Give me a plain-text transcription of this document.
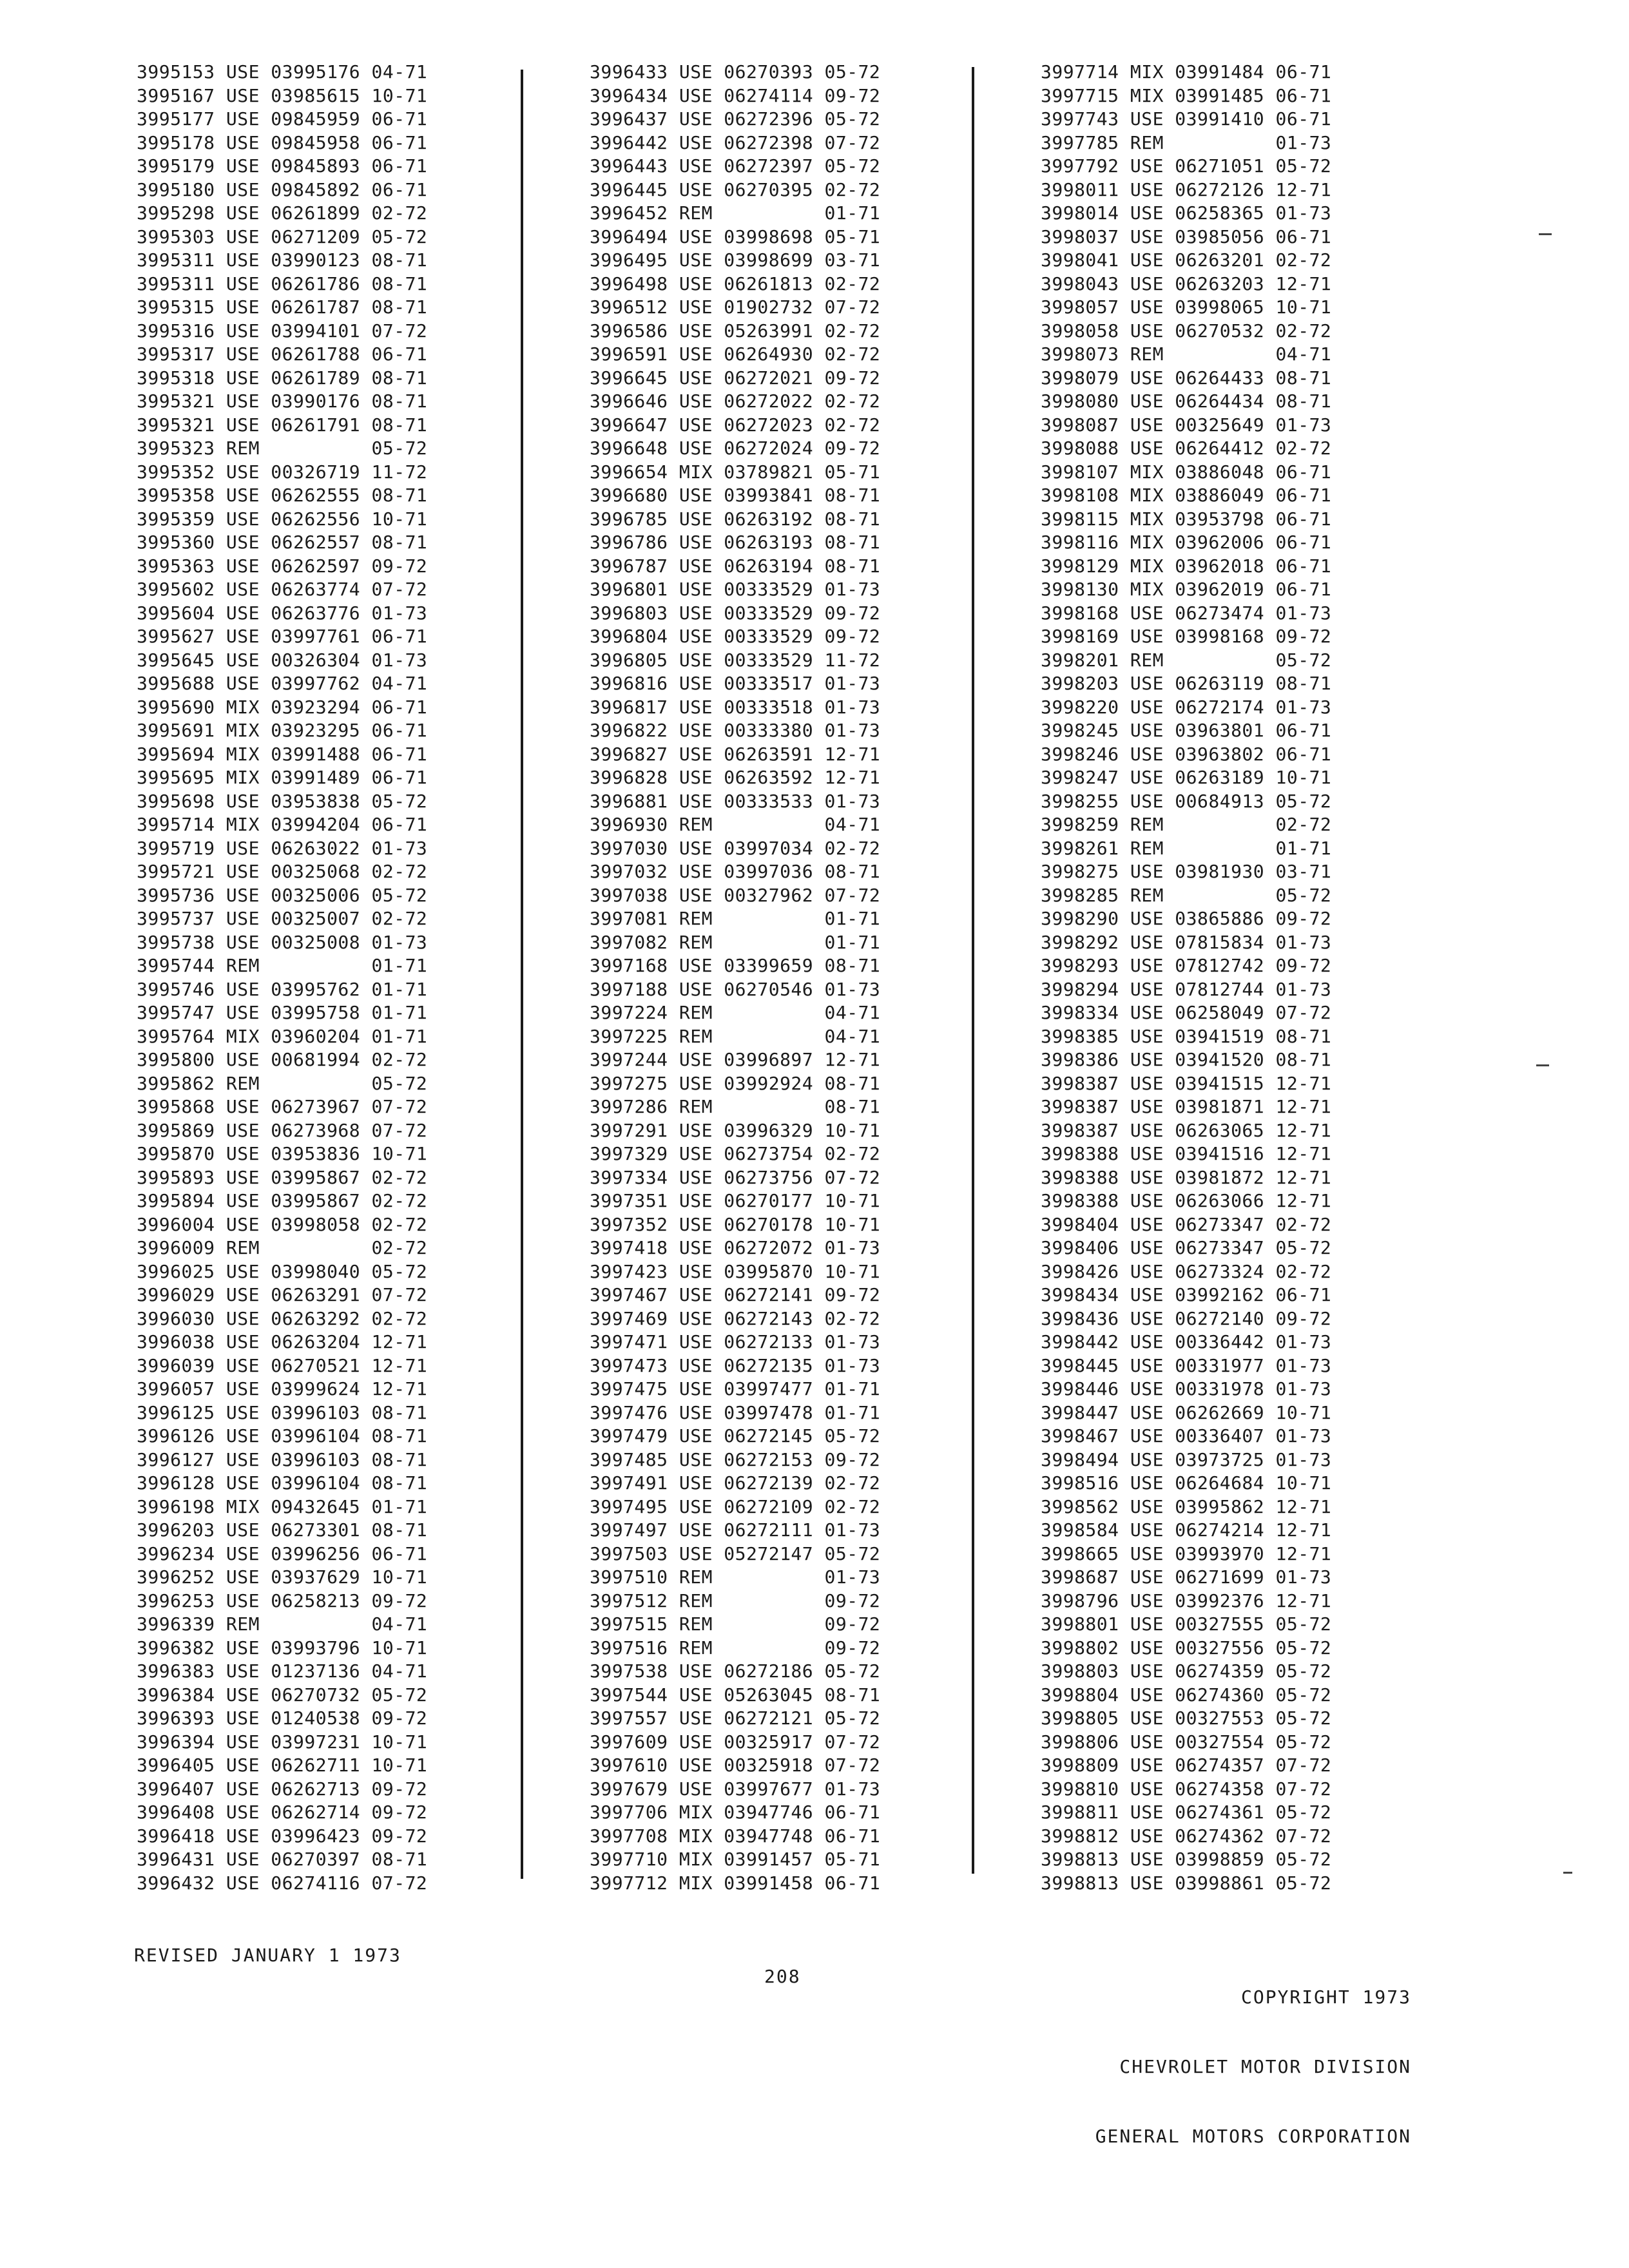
3995153 USE 03995176 04-71
3995167 USE 03985615 10-71
3995177 USE 09845959 06-71
3995178 USE 09845958 06-71
3995179 USE 09845893 06-71
3995180 USE 09845892 06-71
3995298 USE 06261899 02-72
3995303 USE 06271209 05-72
3995311 USE 03990123 08-71
3995311 USE 06261786 08-71
3995315 USE 06261787 08-71
3995316 USE 03994101 07-72
3995317 USE 06261788 06-71
3995318 USE 06261789 08-71
3995321 USE 03990176 08-71
3995321 USE 06261791 08-71
3995323 REM          05-72
3995352 USE 00326719 11-72
3995358 USE 06262555 08-71
3995359 USE 06262556 10-71
3995360 USE 06262557 08-71
3995363 USE 06262597 09-72
3995602 USE 06263774 07-72
3995604 USE 06263776 01-73
3995627 USE 03997761 06-71
3995645 USE 00326304 01-73
3995688 USE 03997762 04-71
3995690 MIX 03923294 06-71
3995691 MIX 03923295 06-71
3995694 MIX 03991488 06-71
3995695 MIX 03991489 06-71
3995698 USE 03953838 05-72
3995714 MIX 03994204 06-71
3995719 USE 06263022 01-73
3995721 USE 00325068 02-72
3995736 USE 00325006 05-72
3995737 USE 00325007 02-72
3995738 USE 00325008 01-73
3995744 REM          01-71
3995746 USE 03995762 01-71
3995747 USE 03995758 01-71
3995764 MIX 03960204 01-71
3995800 USE 00681994 02-72
3995862 REM          05-72
3995868 USE 06273967 07-72
3995869 USE 06273968 07-72
3995870 USE 03953836 10-71
3995893 USE 03995867 02-72
3995894 USE 03995867 02-72
3996004 USE 03998058 02-72
3996009 REM          02-72
3996025 USE 03998040 05-72
3996029 USE 06263291 07-72
3996030 USE 06263292 02-72
3996038 USE 06263204 12-71
3996039 USE 06270521 12-71
3996057 USE 03999624 12-71
3996125 USE 03996103 08-71
3996126 USE 03996104 08-71
3996127 USE 03996103 08-71
3996128 USE 03996104 08-71
3996198 MIX 09432645 01-71
3996203 USE 06273301 08-71
3996234 USE 03996256 06-71
3996252 USE 03937629 10-71
3996253 USE 06258213 09-72
3996339 REM          04-71
3996382 USE 03993796 10-71
3996383 USE 01237136 04-71
3996384 USE 06270732 05-72
3996393 USE 01240538 09-72
3996394 USE 03997231 10-71
3996405 USE 06262711 10-71
3996407 USE 06262713 09-72
3996408 USE 06262714 09-72
3996418 USE 03996423 09-72
3996431 USE 06270397 08-71
3996432 USE 06274116 07-72
3996433 USE 06270393 05-72
3996434 USE 06274114 09-72
3996437 USE 06272396 05-72
3996442 USE 06272398 07-72
3996443 USE 06272397 05-72
3996445 USE 06270395 02-72
3996452 REM          01-71
3996494 USE 03998698 05-71
3996495 USE 03998699 03-71
3996498 USE 06261813 02-72
3996512 USE 01902732 07-72
3996586 USE 05263991 02-72
3996591 USE 06264930 02-72
3996645 USE 06272021 09-72
3996646 USE 06272022 02-72
3996647 USE 06272023 02-72
3996648 USE 06272024 09-72
3996654 MIX 03789821 05-71
3996680 USE 03993841 08-71
3996785 USE 06263192 08-71
3996786 USE 06263193 08-71
3996787 USE 06263194 08-71
3996801 USE 00333529 01-73
3996803 USE 00333529 09-72
3996804 USE 00333529 09-72
3996805 USE 00333529 11-72
3996816 USE 00333517 01-73
3996817 USE 00333518 01-73
3996822 USE 00333380 01-73
3996827 USE 06263591 12-71
3996828 USE 06263592 12-71
3996881 USE 00333533 01-73
3996930 REM          04-71
3997030 USE 03997034 02-72
3997032 USE 03997036 08-71
3997038 USE 00327962 07-72
3997081 REM          01-71
3997082 REM          01-71
3997168 USE 03399659 08-71
3997188 USE 06270546 01-73
3997224 REM          04-71
3997225 REM          04-71
3997244 USE 03996897 12-71
3997275 USE 03992924 08-71
3997286 REM          08-71
3997291 USE 03996329 10-71
3997329 USE 06273754 02-72
3997334 USE 06273756 07-72
3997351 USE 06270177 10-71
3997352 USE 06270178 10-71
3997418 USE 06272072 01-73
3997423 USE 03995870 10-71
3997467 USE 06272141 09-72
3997469 USE 06272143 02-72
3997471 USE 06272133 01-73
3997473 USE 06272135 01-73
3997475 USE 03997477 01-71
3997476 USE 03997478 01-71
3997479 USE 06272145 05-72
3997485 USE 06272153 09-72
3997491 USE 06272139 02-72
3997495 USE 06272109 02-72
3997497 USE 06272111 01-73
3997503 USE 05272147 05-72
3997510 REM          01-73
3997512 REM          09-72
3997515 REM          09-72
3997516 REM          09-72
3997538 USE 06272186 05-72
3997544 USE 05263045 08-71
3997557 USE 06272121 05-72
3997609 USE 00325917 07-72
3997610 USE 00325918 07-72
3997679 USE 03997677 01-73
3997706 MIX 03947746 06-71
3997708 MIX 03947748 06-71
3997710 MIX 03991457 05-71
3997712 MIX 03991458 06-71
3997714 MIX 03991484 06-71
3997715 MIX 03991485 06-71
3997743 USE 03991410 06-71
3997785 REM          01-73
3997792 USE 06271051 05-72
3998011 USE 06272126 12-71
3998014 USE 06258365 01-73
3998037 USE 03985056 06-71
3998041 USE 06263201 02-72
3998043 USE 06263203 12-71
3998057 USE 03998065 10-71
3998058 USE 06270532 02-72
3998073 REM          04-71
3998079 USE 06264433 08-71
3998080 USE 06264434 08-71
3998087 USE 00325649 01-73
3998088 USE 06264412 02-72
3998107 MIX 03886048 06-71
3998108 MIX 03886049 06-71
3998115 MIX 03953798 06-71
3998116 MIX 03962006 06-71
3998129 MIX 03962018 06-71
3998130 MIX 03962019 06-71
3998168 USE 06273474 01-73
3998169 USE 03998168 09-72
3998201 REM          05-72
3998203 USE 06263119 08-71
3998220 USE 06272174 01-73
3998245 USE 03963801 06-71
3998246 USE 03963802 06-71
3998247 USE 06263189 10-71
3998255 USE 00684913 05-72
3998259 REM          02-72
3998261 REM          01-71
3998275 USE 03981930 03-71
3998285 REM          05-72
3998290 USE 03865886 09-72
3998292 USE 07815834 01-73
3998293 USE 07812742 09-72
3998294 USE 07812744 01-73
3998334 USE 06258049 07-72
3998385 USE 03941519 08-71
3998386 USE 03941520 08-71
3998387 USE 03941515 12-71
3998387 USE 03981871 12-71
3998387 USE 06263065 12-71
3998388 USE 03941516 12-71
3998388 USE 03981872 12-71
3998388 USE 06263066 12-71
3998404 USE 06273347 02-72
3998406 USE 06273347 05-72
3998426 USE 06273324 02-72
3998434 USE 03992162 06-71
3998436 USE 06272140 09-72
3998442 USE 00336442 01-73
3998445 USE 00331977 01-73
3998446 USE 00331978 01-73
3998447 USE 06262669 10-71
3998467 USE 00336407 01-73
3998494 USE 03973725 01-73
3998516 USE 06264684 10-71
3998562 USE 03995862 12-71
3998584 USE 06274214 12-71
3998665 USE 03993970 12-71
3998687 USE 06271699 01-73
3998796 USE 03992376 12-71
3998801 USE 00327555 05-72
3998802 USE 00327556 05-72
3998803 USE 06274359 05-72
3998804 USE 06274360 05-72
3998805 USE 00327553 05-72
3998806 USE 00327554 05-72
3998809 USE 06274357 07-72
3998810 USE 06274358 07-72
3998811 USE 06274361 05-72
3998812 USE 06274362 07-72
3998813 USE 03998859 05-72
3998813 USE 03998861 05-72
REVISED JANUARY 1 1973
208

COPYRIGHT 1973

CHEVROLET MOTOR DIVISION

GENERAL MOTORS CORPORATION
